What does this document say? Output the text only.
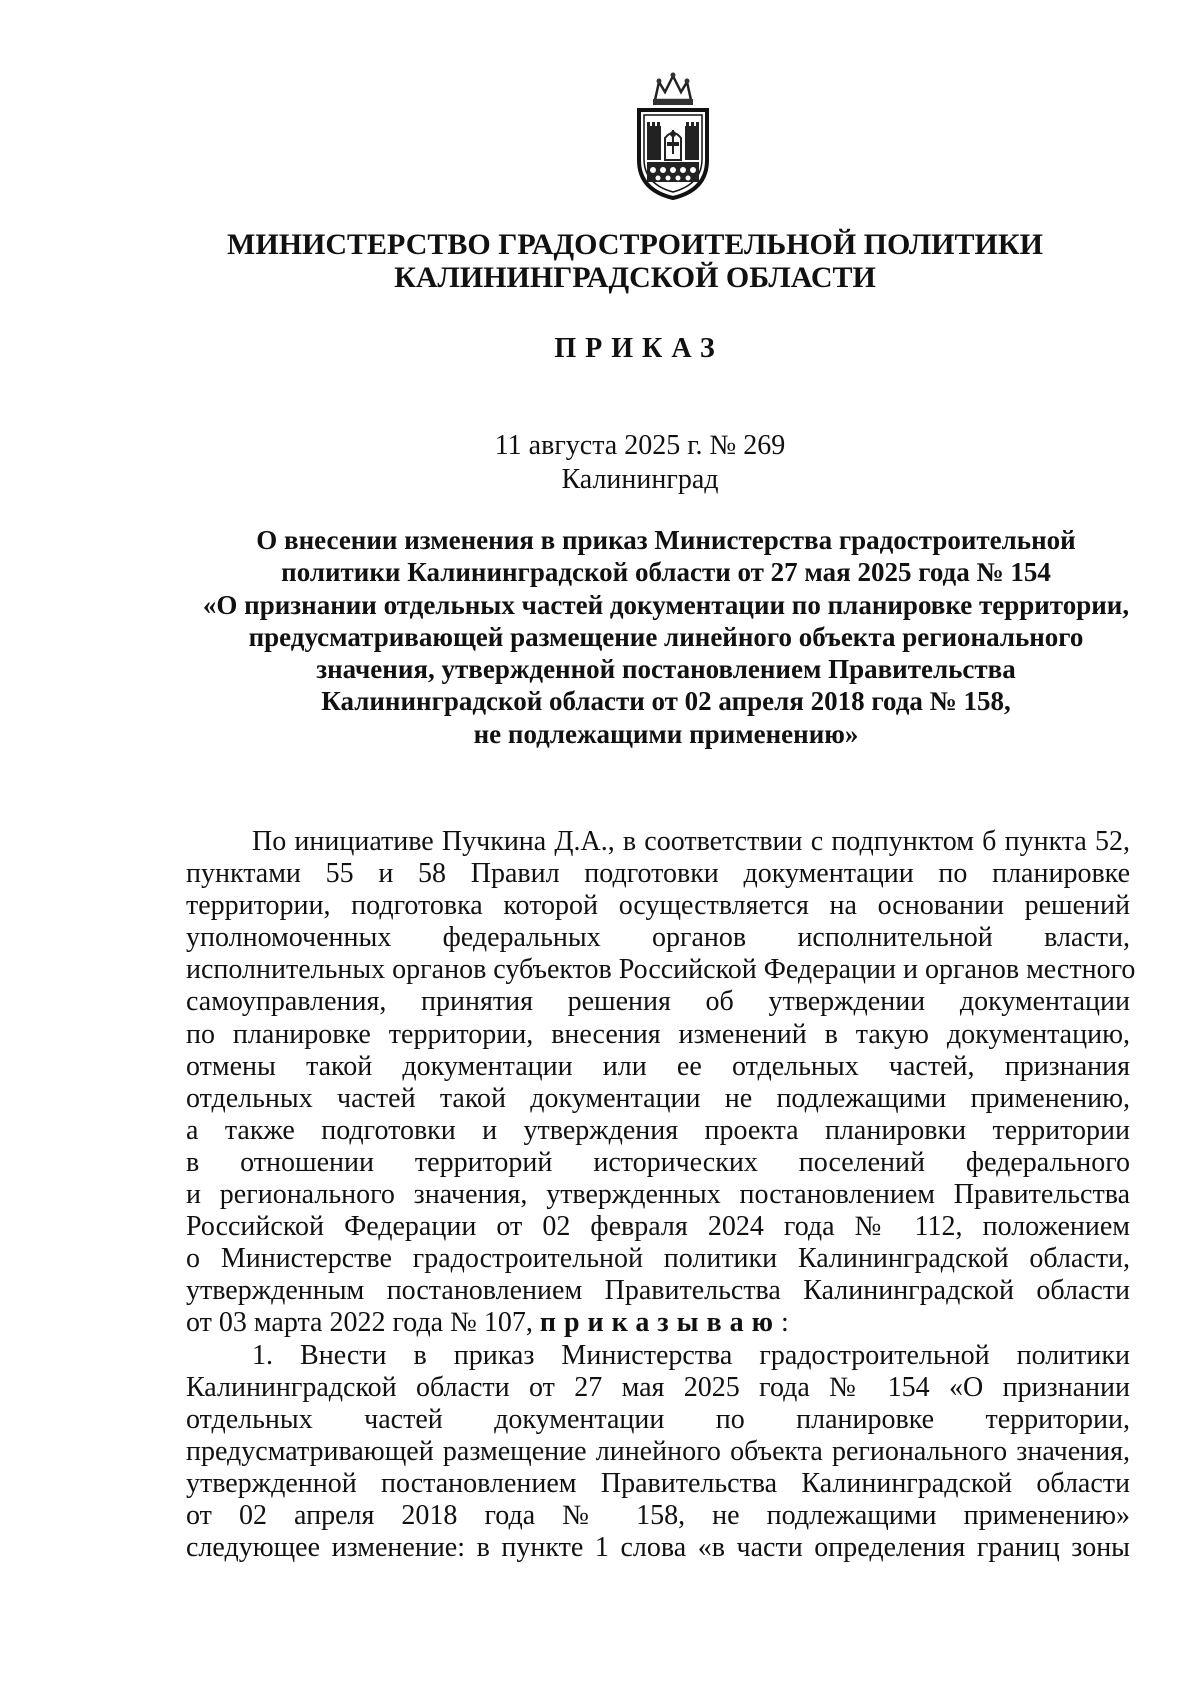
МИНИСТЕРСТВО ГРАДОСТРОИТЕЛЬНОЙ ПОЛИТИКИ
КАЛИНИНГРАДСКОЙ ОБЛАСТИ
ПРИКАЗ
11 августа 2025 г. № 269
Калининград
О внесении изменения в приказ Министерства градостроительной
политики Калининградской области от 27 мая 2025 года № 154
«О признании отдельных частей документации по планировке территории,
предусматривающей размещение линейного объекта регионального
значения, утвержденной постановлением Правительства
Калининградской области от 02 апреля 2018 года № 158,
не подлежащими применению»
По инициативе Пучкина Д.А., в соответствии с подпунктом б пункта 52,
пунктами 55 и 58 Правил подготовки документации по планировке
территории, подготовка которой осуществляется на основании решений
уполномоченных федеральных органов исполнительной власти,
исполнительных органов субъектов Российской Федерации и органов местного
самоуправления, принятия решения об утверждении документации
по планировке территории, внесения изменений в такую документацию,
отмены такой документации или ее отдельных частей, признания
отдельных частей такой документации не подлежащими применению,
а также подготовки и утверждения проекта планировки территории
в отношении территорий исторических поселений федерального
и регионального значения, утвержденных постановлением Правительства
Российской Федерации от 02 февраля 2024 года № 112, положением
о Министерстве градостроительной политики Калининградской области,
утвержденным постановлением Правительства Калининградской области
от 03 марта 2022 года № 107, приказываю:
1. Внести в приказ Министерства градостроительной политики
Калининградской области от 27 мая 2025 года № 154 «О признании
отдельных частей документации по планировке территории,
предусматривающей размещение линейного объекта регионального значения,
утвержденной постановлением Правительства Калининградской области
от 02 апреля 2018 года № 158, не подлежащими применению»
следующее изменение: в пункте 1 слова «в части определения границ зоны
